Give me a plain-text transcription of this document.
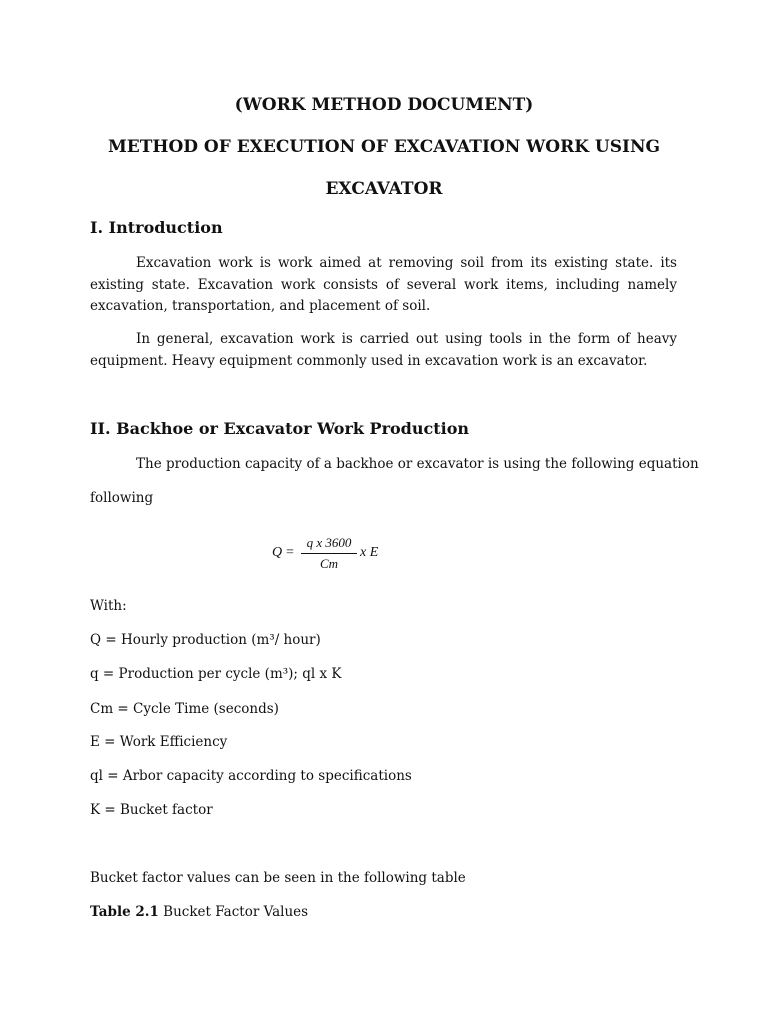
(WORK METHOD DOCUMENT)
METHOD OF EXECUTION OF EXCAVATION WORK USING
EXCAVATOR
I. Introduction
Excavation work is work aimed at removing soil from its existing state. its existing state. Excavation work consists of several work items, including namely excavation, transportation, and placement of soil.
In general, excavation work is carried out using tools in the form of heavy equipment. Heavy equipment commonly used in excavation work is an excavator.
II. Backhoe or Excavator Work Production
The production capacity of a backhoe or excavator is using the following equation
following
Q =
q x 3600
Cm
x E
With:
Q = Hourly production (m³/ hour)
q = Production per cycle (m³); ql x K
Cm = Cycle Time (seconds)
E = Work Efficiency
ql = Arbor capacity according to specifications
K = Bucket factor
Bucket factor values can be seen in the following table
Table 2.1 Bucket Factor Values
